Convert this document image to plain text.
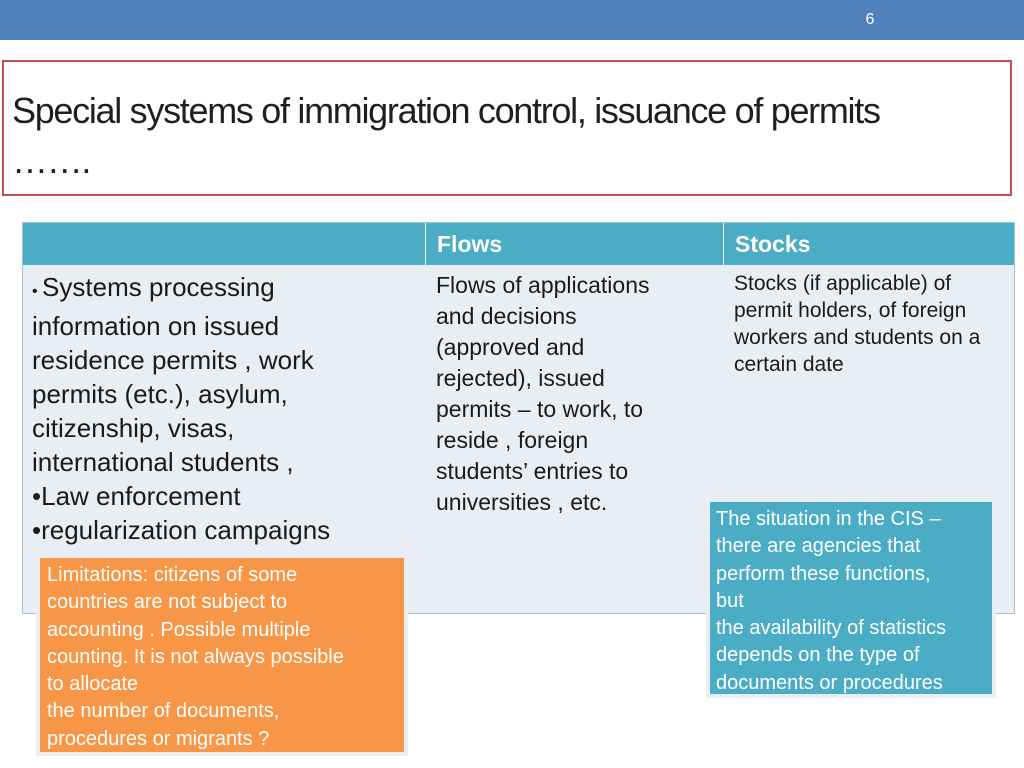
6
Special systems of immigration control, issuance of permits
…….
Flows	Stocks
• Systems processing
information on issued
residence permits , work
permits (etc.), asylum,
citizenship, visas,
international students ,
•Law enforcement
•regularization campaigns
Flows of applications
and decisions
(approved and
rejected), issued
permits – to work, to
reside , foreign
students’ entries to
universities , etc.
Stocks (if applicable) of
permit holders, of foreign
workers and students on a
certain date
The situation in the CIS –
there are agencies that
perform these functions,
but
the availability of statistics
depends on the type of
documents or procedures
Limitations: citizens of some
countries are not subject to
accounting . Possible multiple
counting. It is not always possible
to allocate
the number of documents,
procedures or migrants ?
